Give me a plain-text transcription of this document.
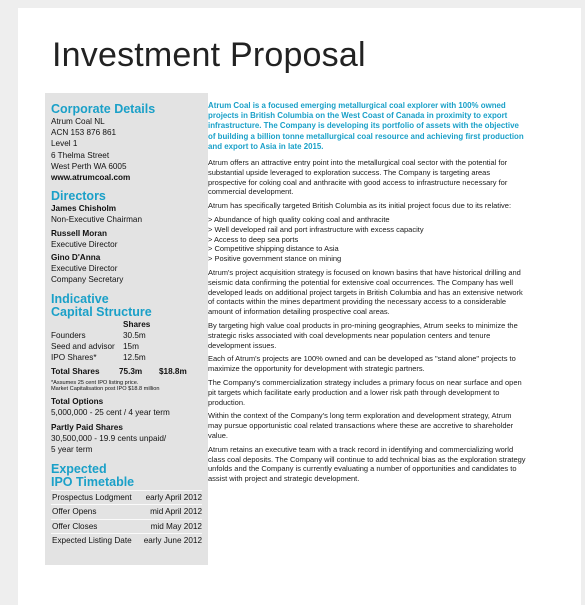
Investment Proposal
Corporate Details
Atrum Coal NL
ACN 153 876 861
Level 1
6 Thelma Street
West Perth WA 6005
www.atrumcoal.com
Directors
James Chisholm
Non-Executive Chairman
Russell Moran
Executive Director
Gino D'Anna
Executive Director
Company Secretary
Indicative
Capital Structure
Shares
Founders	30.5m
Seed and advisor	15m
IPO Shares*	12.5m
Total Shares	75.3m	$18.8m
*Assumes 25 cent IPO listing price.
Market Capitalisation post IPO $18.8 million
Total Options
5,000,000 - 25 cent / 4 year term
Partly Paid Shares
30,500,000 - 19.9 cents unpaid/
5 year term
Expected
IPO Timetable
Prospectus Lodgment early April 2012
Offer Opens	mid April 2012
Offer Closes	mid May 2012
Expected Listing Date early June 2012
Atrum Coal is a focused emerging metallurgical coal explorer with 100% owned projects in British Columbia on the West Coast of Canada in proximity to export infrastructure. The Company is developing its portfolio of assets with the objective of building a billion tonne metallurgical coal resource and achieving first production and export to Asia in late 2015.

Atrum offers an attractive entry point into the metallurgical coal sector with the potential for substantial upside leveraged to exploration success. The Company is targeting areas prospective for coking coal and anthracite with good access to infrastructure necessary for commercial development.

Atrum has specifically targeted British Columbia as its initial project focus due to its relative:

> Abundance of high quality coking coal and anthracite
> Well developed rail and port infrastructure with excess capacity
> Access to deep sea ports
> Competitive shipping distance to Asia
> Positive government stance on mining

Atrum's project acquisition strategy is focused on known basins that have historical drilling and seismic data confirming the potential for extensive coal occurrences. The Company has well developed leads on additional project targets in British Columbia and has an extensive network of contacts within the mines department providing the necessary access to a considerable amount of information detailing prospective coal areas.

By targeting high value coal products in pro-mining geographies, Atrum seeks to minimize the strategic risks associated with coal developments near population centers and tenure development issues.

Each of Atrum's projects are 100% owned and can be developed as "stand alone" projects to maximize the opportunity for development with strategic partners.

The Company's commercialization strategy includes a primary focus on near surface and open pit targets which facilitate early production and a lower risk path through development to production.

Within the context of the Company's long term exploration and development strategy, Atrum may pursue opportunistic coal related transactions where these are accretive to shareholder value.

Atrum retains an executive team with a track record in identifying and commercializing world class coal deposits. The Company will continue to add technical bias as the exploration strategy unfolds and the Company is currently evaluating a number of opportunities and candidates to assist with project and strategic development.
